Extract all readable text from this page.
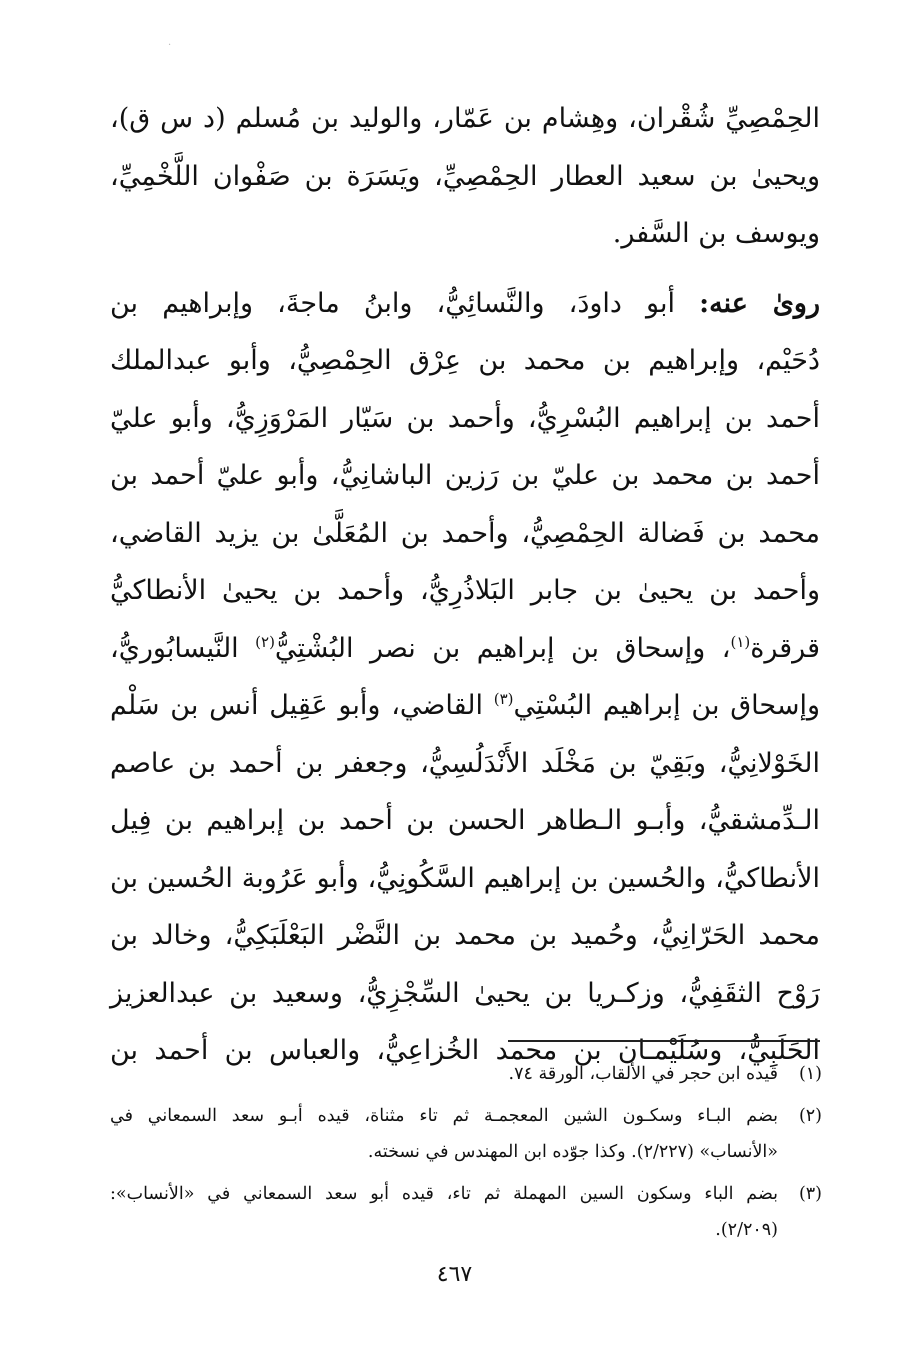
·
الحِمْصِيِّ شُقْران، وهِشام بن عَمّار، والوليد بن مُسلم (د س ق)،
ويحيىٰ بن سعيد العطار الحِمْصِيِّ، ويَسَرَة بن صَفْوان اللَّخْمِيِّ،
ويوسف بن السَّفر.
روىٰ عنه: أبو داودَ، والنَّسائِيُّ، وابنُ ماجةَ، وإبراهيم بن
دُحَيْم، وإبراهيم بن محمد بن عِرْق الحِمْصِيُّ، وأبو عبدالملك
أحمد بن إبراهيم البُسْرِيُّ، وأحمد بن سَيّار المَرْوَزِيُّ، وأبو عليّ
أحمد بن محمد بن عليّ بن رَزين الباشانِيُّ، وأبو عليّ أحمد بن
محمد بن فَضالة الحِمْصِيُّ، وأحمد بن المُعَلَّىٰ بن يزيد القاضي،
وأحمد بن يحيىٰ بن جابر البَلاذُرِيُّ، وأحمد بن يحيىٰ الأنطاكيُّ
قرقرة$^{(١)}$، وإسحاق بن إبراهيم بن نصر البُشْتِيُّ$^{(٢)}$ النَّيسابُوريُّ،
وإسحاق بن إبراهيم البُسْتِي$^{(٣)}$ القاضي، وأبو عَقِيل أنس بن سَلْم
الخَوْلانِيُّ، وبَقِيّ بن مَخْلَد الأَنْدَلُسِيُّ، وجعفر بن أحمد بن عاصم
الـدِّمشقيُّ، وأبـو الـطاهر الحسن بن أحمد بن إبراهيم بن فِيل
الأنطاكيُّ، والحُسين بن إبراهيم السَّكُونِيُّ، وأبو عَرُوبة الحُسين بن
محمد الحَرّانِيُّ، وحُميد بن محمد بن النَّضْر البَعْلَبَكِيُّ، وخالد بن
رَوْح الثقَفِيُّ، وزكـريا بن يحيىٰ السِّجْزِيُّ، وسعيد بن عبدالعزيز
الحَلَبِيُّ، وسُلَيْمـان بن محمد الخُزاعِيُّ، والعباس بن أحمد بن
(١)
قيده ابن حجر في الألقاب، الورقة ٧٤.
(٢)
بضم البـاء وسكـون الشين المعجمـة ثم تاء مثناة، قيده أبـو سعد السمعاني في
«الأنساب» (٢/٢٢٧). وكذا جوّده ابن المهندس في نسخته.
(٣)
بضم الباء وسكون السين المهملة ثم تاء، قيده أبو سعد السمعاني في «الأنساب»:
(٢/٢٠٩).
٤٦٧
